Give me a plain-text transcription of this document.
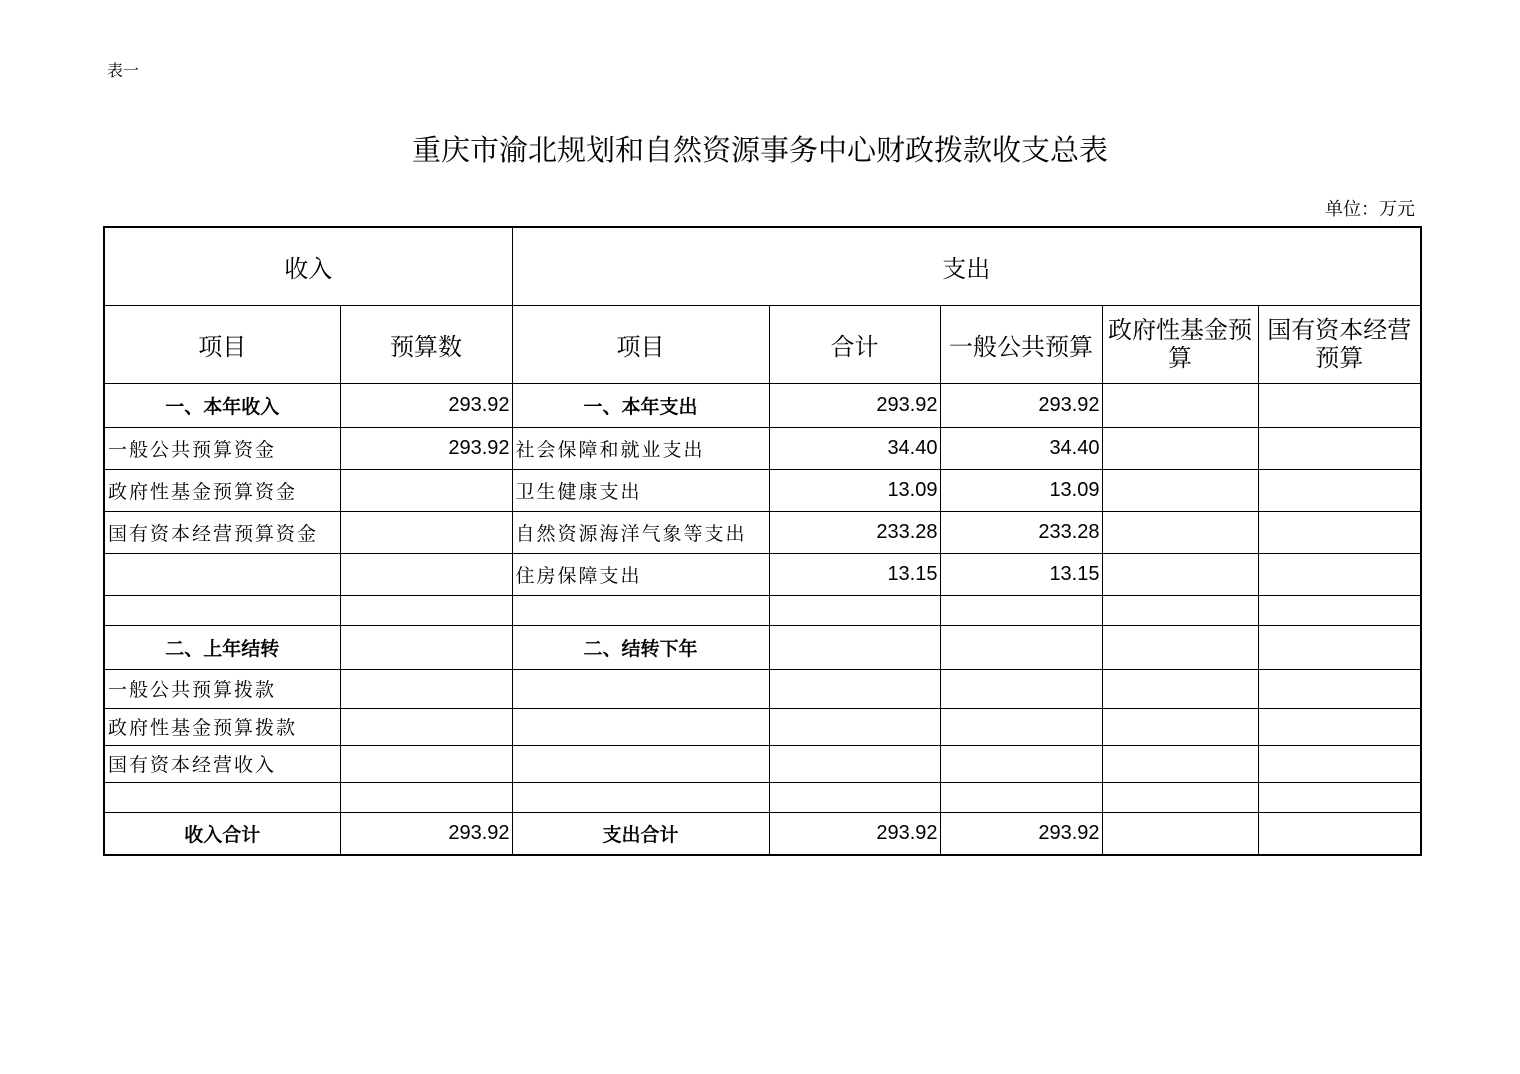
表一
重庆市渝北规划和自然资源事务中心财政拨款收支总表
单位：万元
收入		支出				
项目	预算数	项目	合计	一般公共预算	政府性基金预算	国有资本经营预算
一、本年收入	293.92	一、本年支出	293.92	293.92		
一般公共预算资金	293.92	社会保障和就业支出	34.40	34.40		
政府性基金预算资金		卫生健康支出	13.09	13.09		
国有资本经营预算资金		自然资源海洋气象等支出	233.28	233.28		
		住房保障支出	13.15	13.15		

二、上年结转		二、结转下年				
一般公共预算拨款						
政府性基金预算拨款						
国有资本经营收入						

收入合计	293.92	支出合计	293.92	293.92		
